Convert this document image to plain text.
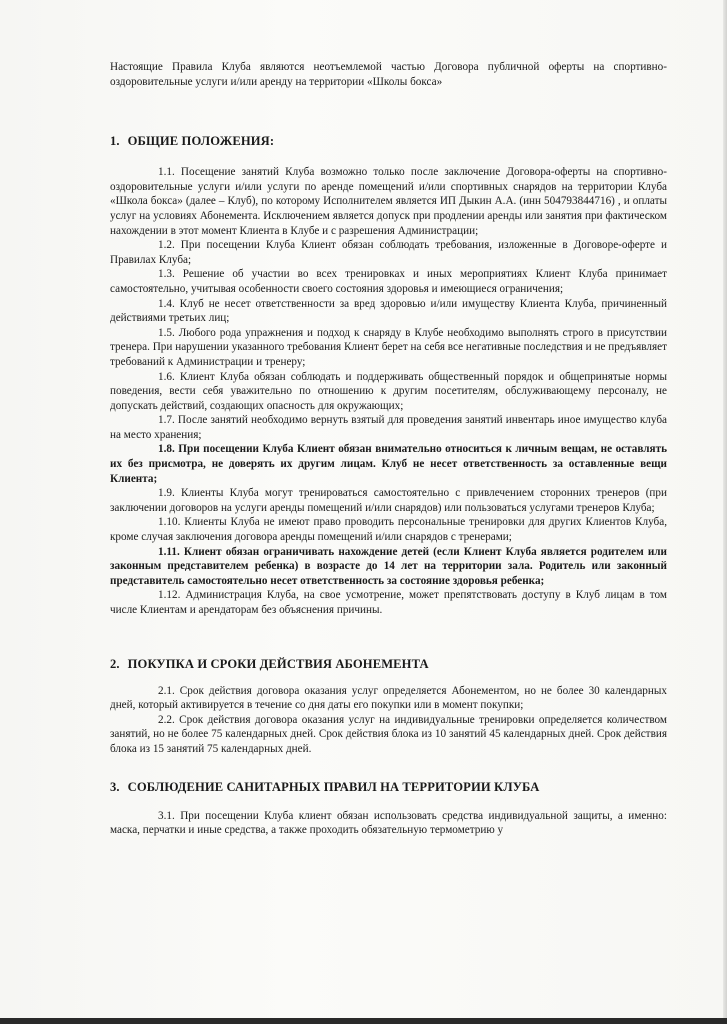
Настоящие Правила Клуба являются неотъемлемой частью Договора публичной оферты на спортивно-оздоровительные услуги и/или аренду на территории «Школы бокса»

1. ОБЩИЕ ПОЛОЖЕНИЯ:

1.1. Посещение занятий Клуба возможно только после заключение Договора-оферты на спортивно-оздоровительные услуги и/или услуги по аренде помещений и/или спортивных снарядов на территории Клуба «Школа бокса» (далее – Клуб), по которому Исполнителем является ИП Дыкин А.А. (инн 504793844716) , и оплаты услуг на условиях Абонемента. Исключением является допуск при продлении аренды или занятия при фактическом нахождении в этот момент Клиента в Клубе и с разрешения Администрации;

1.2. При посещении Клуба Клиент обязан соблюдать требования, изложенные в Договоре-оферте и Правилах Клуба;

1.3. Решение об участии во всех тренировках и иных мероприятиях Клиент Клуба принимает самостоятельно, учитывая особенности своего состояния здоровья и имеющиеся ограничения;

1.4. Клуб не несет ответственности за вред здоровью и/или имуществу Клиента Клуба, причиненный действиями третьих лиц;

1.5. Любого рода упражнения и подход к снаряду в Клубе необходимо выполнять строго в присутствии тренера. При нарушении указанного требования Клиент берет на себя все негативные последствия и не предъявляет требований к Администрации и тренеру;

1.6. Клиент Клуба обязан соблюдать и поддерживать общественный порядок и общепринятые нормы поведения, вести себя уважительно по отношению к другим посетителям, обслуживающему персоналу, не допускать действий, создающих опасность для окружающих;

1.7. После занятий необходимо вернуть взятый для проведения занятий инвентарь иное имущество клуба на место хранения;

1.8. При посещении Клуба Клиент обязан внимательно относиться к личным вещам, не оставлять их без присмотра, не доверять их другим лицам. Клуб не несет ответственность за оставленные вещи Клиента;

1.9. Клиенты Клуба могут тренироваться самостоятельно с привлечением сторонних тренеров (при заключении договоров на услуги аренды помещений и/или снарядов) или пользоваться услугами тренеров Клуба;

1.10. Клиенты Клуба не имеют право проводить персональные тренировки для других Клиентов Клуба, кроме случая заключения договора аренды помещений и/или снарядов с тренерами;

1.11. Клиент обязан ограничивать нахождение детей (если Клиент Клуба является родителем или законным представителем ребенка) в возрасте до 14 лет на территории зала. Родитель или законный представитель самостоятельно несет ответственность за состояние здоровья ребенка;

1.12. Администрация Клуба, на свое усмотрение, может препятствовать доступу в Клуб лицам в том числе Клиентам и арендаторам без объяснения причины.

2. ПОКУПКА И СРОКИ ДЕЙСТВИЯ АБОНЕМЕНТА

2.1. Срок действия договора оказания услуг определяется Абонементом, но не более 30 календарных дней, который активируется в течение со дня даты его покупки или в момент покупки;

2.2. Срок действия договора оказания услуг на индивидуальные тренировки определяется количеством занятий, но не более 75 календарных дней. Срок действия блока из 10 занятий 45 календарных дней. Срок действия блока из 15 занятий 75 календарных дней.

3. СОБЛЮДЕНИЕ САНИТАРНЫХ ПРАВИЛ НА ТЕРРИТОРИИ КЛУБА

3.1. При посещении Клуба клиент обязан использовать средства индивидуальной защиты, а именно: маска, перчатки и иные средства, а также проходить обязательную термометрию у
